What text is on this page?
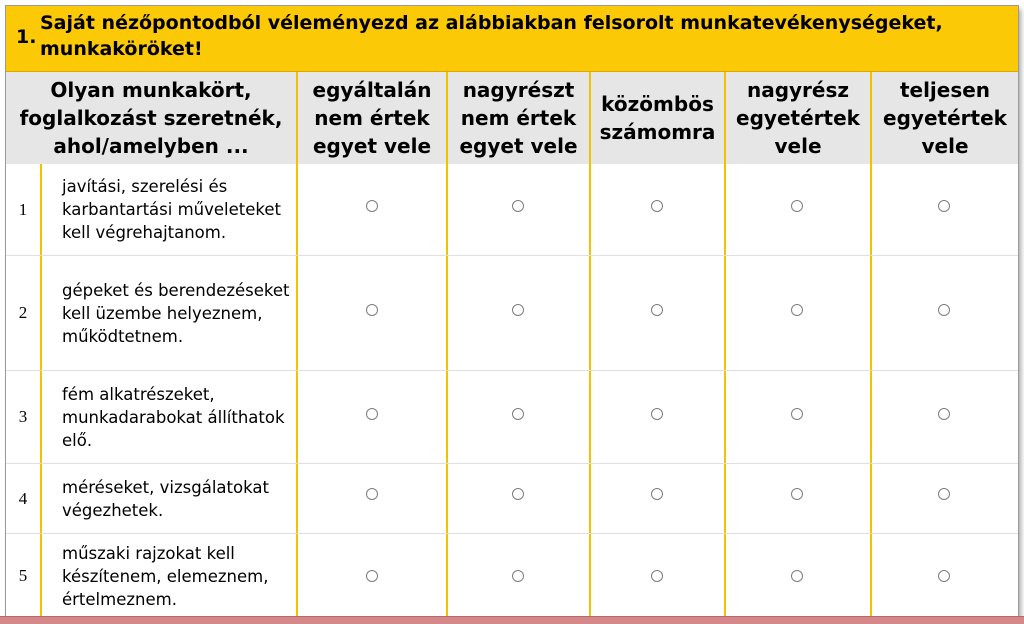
1.
Saját nézőpontodból véleményezd az alábbiakban felsorolt munkatevékenységeket, munkaköröket!
Olyan munkakört, foglalkozást szeretnék, ahol/amelyben ...
egyáltalán nem értek egyet vele
nagyrészt nem értek egyet vele
közömbös számomra
nagyrész egyetértek vele
teljesen egyetértek vele
1
javítási, szerelési és karbantartási műveleteket kell végrehajtanom.
2
gépeket és berendezéseket kell üzembe helyeznem, működtetnem.
3
fém alkatrészeket, munkadarabokat állíthatok elő.
4
méréseket, vizsgálatokat végezhetek.
5
műszaki rajzokat kell készítenem, elemeznem, értelmeznem.
